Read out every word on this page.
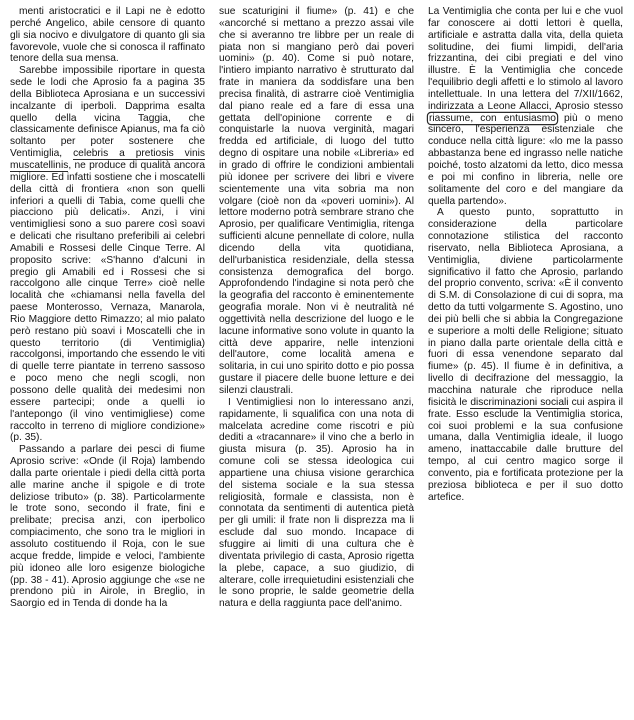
menti aristocratici e il Lapi ne è edotto perché Angelico, abile censore di quanto gli sia nocivo e divulgatore di quanto gli sia favorevole, vuole che si conosca il raffinato tenore della sua mensa.

Sarebbe impossibile riportare in questa sede le lodi che Aprosio fa a pagina 35 della Biblioteca Aprosiana e un successivi incalzante di iperboli. Dapprima esalta quello della vicina Taggia, che classicamente definisce Apianus, ma fa ciò soltanto per poter sostenere che Ventimiglia, celebris a pretiosis vinis muscatellinis, ne produce di qualità ancora migliore. Ed infatti sostiene che i moscatelli della città di frontiera «non son quelli inferiori a quelli di Tabia, come quelli che piacciono più delicati». Anzi, i vini ventimigliesi sono a suo parere così soavi e delicati che risultano preferibili ai celebri Amabili e Rossesi delle Cinque Terre. Al proposito scrive: «S'hanno d'alcuni in pregio gli Amabili ed i Rossesi che si raccolgono alle cinque Terre» cioè nelle località che «chiamansi nella favella del paese Monterosso, Vernaza, Manarola, Rio Maggiore detto Rimazzo; al mio palato però restano più soavi i Moscatelli che in questo territorio (di Ventimiglia) raccolgonsi, importando che essendo le viti di quelle terre piantate in terreno sassoso e poco meno che negli scogli, non possono delle qualità dei medesimi non essere partecipi; onde a quelli io l'antepongo (il vino ventimigliese) come raccolto in terreno di migliore condizione» (p. 35).

Passando a parlare dei pesci di fiume Aprosio scrive: «Onde (il Roja) lambendo dalla parte orientale i piedi della città porta alle marine anche il spigole e di trote deliziose tributo» (p. 38). Particolarmente le trote sono, secondo il frate, fini e prelibate; precisa anzi, con iperbolico compiacimento, che sono tra le migliori in assoluto costituendo il Roja, con le sue acque fredde, limpide e veloci, l'ambiente più idoneo alle loro esigenze biologiche (pp. 38 - 41). Aprosio aggiunge che «se ne prendono più in Airole, in Breglio, in Saorgio ed in Tenda di donde ha la

sue scaturigini il fiume» (p. 41) e che «ancorché si mettano a prezzo assai vile che si averanno tre libbre per un reale di piata non si mangiano però dai poveri uomini» (p. 40). Come si può notare, l'intiero impianto narrativo è strutturato dal frate in maniera da soddisfare una ben precisa finalità, di astrarre cioè Ventimiglia dal piano reale ed a fare di essa una gettata dell'opinione corrente e di conquistarle la nuova verginità, magari fredda ed artificiale, di luogo del tutto degno di ospitare una nobile «Libreria» ed in grado di offrire le condizioni ambientali più idonee per scrivere dei libri e vivere scientemente una vita sobria ma non volgare (cioè non da «poveri uomini»). Al lettore moderno potrà sembrare strano che Aprosio, per qualificare Ventimiglia, ritenga sufficienti alcune pennellate di colore, nulla dicendo della vita quotidiana, dell'urbanistica residenziale, della stessa consistenza demografica del borgo. Approfondendo l'indagine si nota però che la geografia del racconto è eminentemente geografia morale. Non vi è neutralità né oggettività nella descrizione del luogo e le lacune informative sono volute in quanto la città deve apparire, nelle intenzioni dell'autore, come località amena e solitaria, in cui uno spirito dotto e pio possa gustare il piacere delle buone letture e dei silenzi claustrali.

I Ventimigliesi non lo interessano anzi, rapidamente, li squalifica con una nota di malcelata acredine come riscotri e più dediti a «tracannare» il vino che a berlo in giusta misura (p. 35). Aprosio ha in comune coli se stessa ideologica cui appartiene una chiusa visione gerarchica del sistema sociale e la sua stessa religiosità, formale e classista, non è connotata da sentimenti di autentica pietà per gli umili: il frate non li disprezza ma li esclude dal suo mondo. Incapace di sfuggire ai limiti di una cultura che è diventata privilegio di casta, Aprosio rigetta la plebe, capace, a suo giudizio, di alterare, colle irrequietudini esistenziali che le sono proprie, le salde geometrie della natura e della raggiunta pace dell'animo.

La Ventimiglia che conta per lui e che vuol far conoscere ai dotti lettori è quella, artificiale e astratta dalla vita, della quieta solitudine, dei fiumi limpidi, dell'aria frizzantina, dei cibi pregiati e del vino illustre. È la Ventimiglia che concede l'equilibrio degli affetti e lo stimolo al lavoro intellettuale. In una lettera del 7/XII/1662, indirizzata a Leone Allacci, Aprosio stesso riassume, con entusiasmo più o meno sincero, l'esperienza esistenziale che conduce nella città ligure: «lo me la passo abbastanza bene ed ingrasso nelle natiche poiché, tosto alzatomi da letto, dico messa e poi mi confino in libreria, nelle ore solitamente del coro e del mangiare da quella partendo».

A questo punto, soprattutto in considerazione della particolare connotazione stilistica del racconto riservato, nella Biblioteca Aprosiana, a Ventimiglia, diviene particolarmente significativo il fatto che Aprosio, parlando del proprio convento, scriva: «È il convento di S.M. di Consolazione di cui di sopra, ma detto da tutti volgarmente S. Agostino, uno dei più belli che si abbia la Congregazione e superiore a molti delle Religione; situato in piano dalla parte orientale della città e fuori di essa venendone separato dal fiume» (p. 45). Il fiume è in definitiva, a livello di decifrazione del messaggio, la macchina naturale che riproduce nella fisicità le discriminazioni sociali cui aspira il frate. Esso esclude la Ventimiglia storica, coi suoi problemi e la sua confusione umana, dalla Ventimiglia ideale, il luogo ameno, inattaccabile dalle brutture del tempo, al cui centro magico sorge il convento, pia e fortificata protezione per la preziosa biblioteca e per il suo dotto artefice.
